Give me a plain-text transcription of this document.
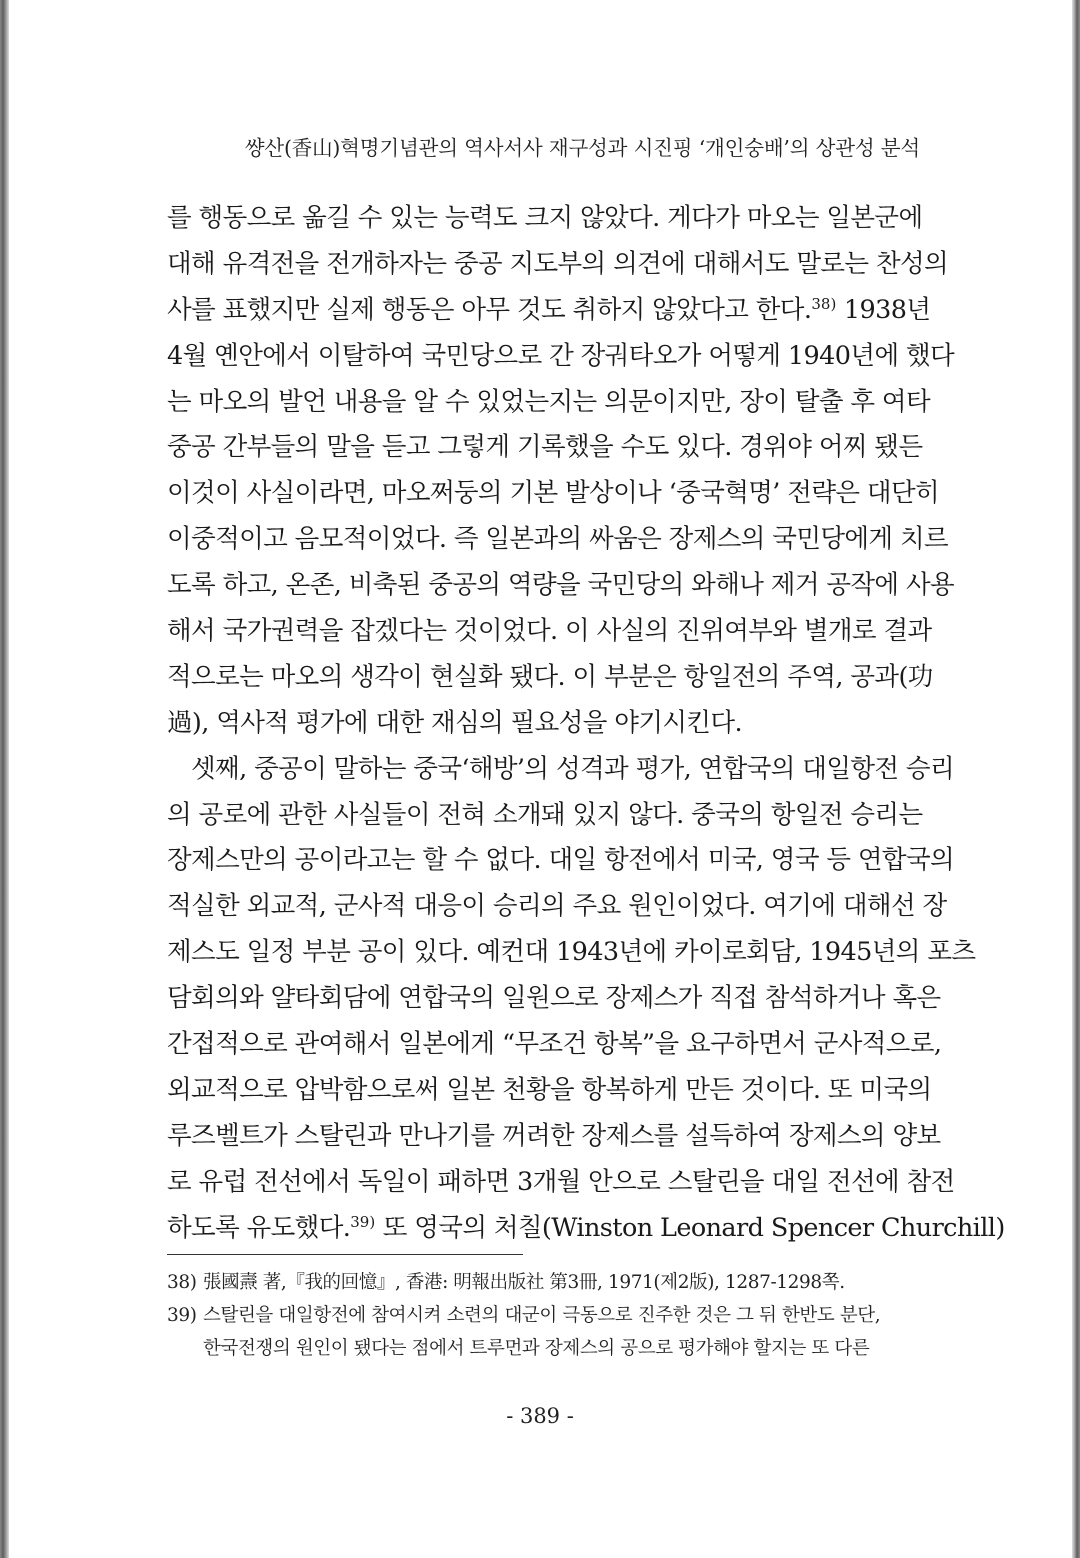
썅산(香山)혁명기념관의 역사서사 재구성과 시진핑 ‘개인숭배’의 상관성 분석
를 행동으로 옮길 수 있는 능력도 크지 않았다. 게다가 마오는 일본군에
대해 유격전을 전개하자는 중공 지도부의 의견에 대해서도 말로는 찬성의
사를 표했지만 실제 행동은 아무 것도 취하지 않았다고 한다.$^{38)}$ 1938년
4월 옌안에서 이탈하여 국민당으로 간 장궈타오가 어떻게 1940년에 했다
는 마오의 발언 내용을 알 수 있었는지는 의문이지만, 장이 탈출 후 여타
중공 간부들의 말을 듣고 그렇게 기록했을 수도 있다. 경위야 어찌 됐든
이것이 사실이라면, 마오쩌둥의 기본 발상이나 ‘중국혁명’ 전략은 대단히
이중적이고 음모적이었다. 즉 일본과의 싸움은 장제스의 국민당에게 치르
도록 하고, 온존, 비축된 중공의 역량을 국민당의 와해나 제거 공작에 사용
해서 국가권력을 잡겠다는 것이었다. 이 사실의 진위여부와 별개로 결과
적으로는 마오의 생각이 현실화 됐다. 이 부분은 항일전의 주역, 공과(功
過), 역사적 평가에 대한 재심의 필요성을 야기시킨다.
셋째, 중공이 말하는 중국‘해방’의 성격과 평가, 연합국의 대일항전 승리
의 공로에 관한 사실들이 전혀 소개돼 있지 않다. 중국의 항일전 승리는
장제스만의 공이라고는 할 수 없다. 대일 항전에서 미국, 영국 등 연합국의
적실한 외교적, 군사적 대응이 승리의 주요 원인이었다. 여기에 대해선 장
제스도 일정 부분 공이 있다. 예컨대 1943년에 카이로회담, 1945년의 포츠
담회의와 얄타회담에 연합국의 일원으로 장제스가 직접 참석하거나 혹은
간접적으로 관여해서 일본에게 “무조건 항복”을 요구하면서 군사적으로,
외교적으로 압박함으로써 일본 천황을 항복하게 만든 것이다. 또 미국의
루즈벨트가 스탈린과 만나기를 꺼려한 장제스를 설득하여 장제스의 양보
로 유럽 전선에서 독일이 패하면 3개월 안으로 스탈린을 대일 전선에 참전
하도록 유도했다.$^{39)}$ 또 영국의 처칠(Winston Leonard Spencer Churchill)
38) 張國燾 著,『我的回憶』, 香港: 明報出版社 第3冊, 1971(제2版), 1287-1298쪽.
39) 스탈린을 대일항전에 참여시켜 소련의 대군이 극동으로 진주한 것은 그 뒤 한반도 분단,
한국전쟁의 원인이 됐다는 점에서 트루먼과 장제스의 공으로 평가해야 할지는 또 다른
- 389 -
